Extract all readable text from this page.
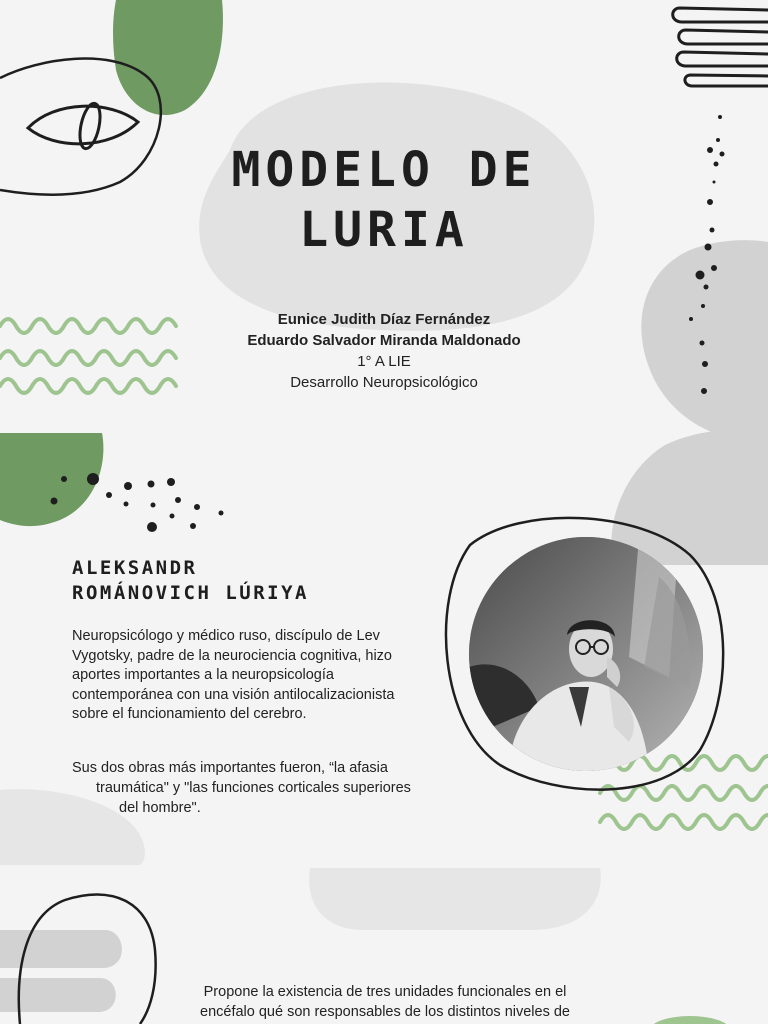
MODELO DE
LURIA
Eunice Judith Díaz Fernández
Eduardo Salvador Miranda Maldonado
1° A LIE
Desarrollo Neuropsicológico
ALEKSANDR
ROMÁNOVICH LÚRIYA

Neuropsicólogo y médico ruso, discípulo de Lev Vygotsky, padre de la neurociencia cognitiva, hizo aportes importantes a la neuropsicología contemporánea con una visión antilocalizacionista sobre el funcionamiento del cerebro.

Sus dos obras más importantes fueron, “la afasia
traumática" y "las funciones corticales superiores
del hombre".
Propone la existencia de tres unidades funcionales en el
encéfalo qué son responsables de los distintos niveles de
